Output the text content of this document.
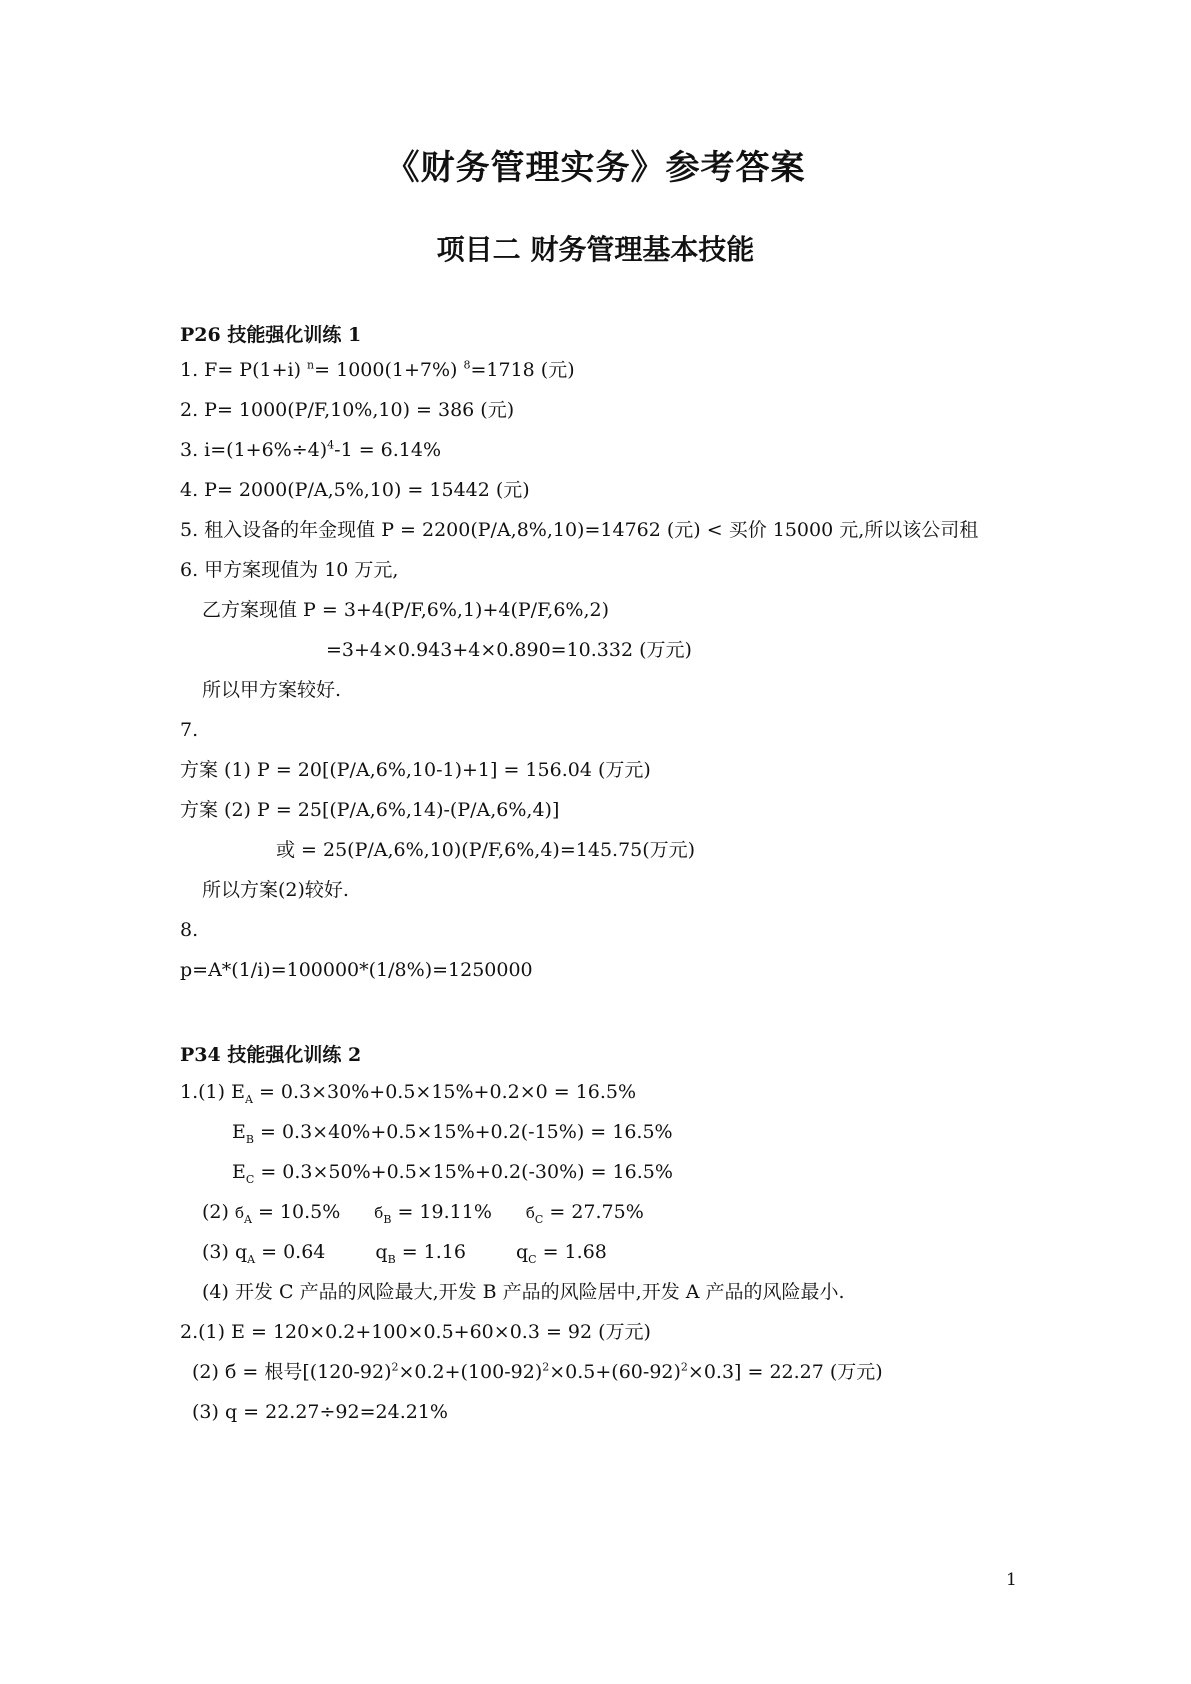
《财务管理实务》参考答案
项目二 财务管理基本技能
P26 技能强化训练 1
1. F= P(1+i) $^n$= 1000(1+7%) $^8$=1718 (元)
2. P= 1000(P/F,10%,10) = 386 (元)
3. $i=(1+6\%\div 4)^4-1 = 6.14\%$
4. P= 2000(P/A,5%,10) = 15442 (元)
5. 租入设备的年金现值 P = 2200(P/A,8%,10)=14762 (元) < 买价 15000 元,所以该公司租
6. 甲方案现值为 10 万元,
乙方案现值 P = 3+4(P/F,6%,1)+4(P/F,6%,2)
=3+4×0.943+4×0.890=10.332 (万元)
所以甲方案较好.
7.
方案 (1) P = 20[(P/A,6%,10-1)+1] = 156.04 (万元)
方案 (2) P = 25[(P/A,6%,14)-(P/A,6%,4)]
或 = 25(P/A,6%,10)(P/F,6%,4)=145.75(万元)
所以方案(2)较好.
8.
p=A*(1/i)=100000*(1/8%)=1250000
P34 技能强化训练 2
1.(1) $E_A = 0.3\times 30\%+0.5\times 15\%+0.2\times 0 = 16.5\%$
$E_B = 0.3\times 40\%+0.5\times 15\%+0.2(-15\%) = 16.5\%$
$E_C = 0.3\times 50\%+0.5\times 15\%+0.2(-30\%) = 16.5\%$
(2) $б_A = 10.5\%$ $б_B = 19.11\%$ $б_C = 27.75\%$
(3) $q_A = 0.64$	$q_B = 1.16$	$q_C = 1.68$
(4) 开发 C 产品的风险最大,开发 B 产品的风险居中,开发 A 产品的风险最小.
2.(1) E = 120×0.2+100×0.5+60×0.3 = 92 (万元)
(2) б = 根号$[(120-92)^2\times 0.2+(100-92)^2\times 0.5+(60-92)^2\times 0.3] = 22.27$ (万元)
(3) q = 22.27÷92=24.21%
1
